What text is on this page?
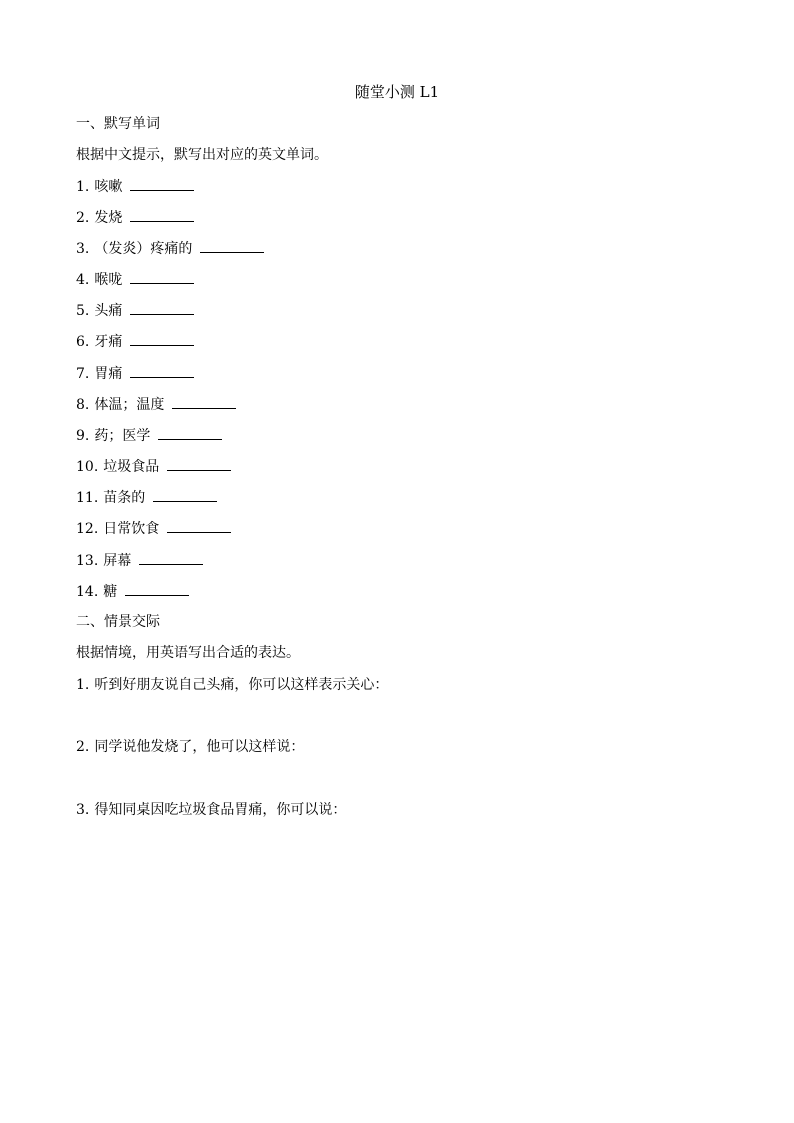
随堂小测 L1
一、默写单词
根据中文提示，默写出对应的英文单词。
1. 咳嗽
2. 发烧
3. （发炎）疼痛的
4. 喉咙
5. 头痛
6. 牙痛
7. 胃痛
8. 体温；温度
9. 药；医学
10. 垃圾食品
11. 苗条的
12. 日常饮食
13. 屏幕
14. 糖
二、情景交际
根据情境，用英语写出合适的表达。
1. 听到好朋友说自己头痛，你可以这样表示关心：
2. 同学说他发烧了，他可以这样说：
3. 得知同桌因吃垃圾食品胃痛，你可以说：
